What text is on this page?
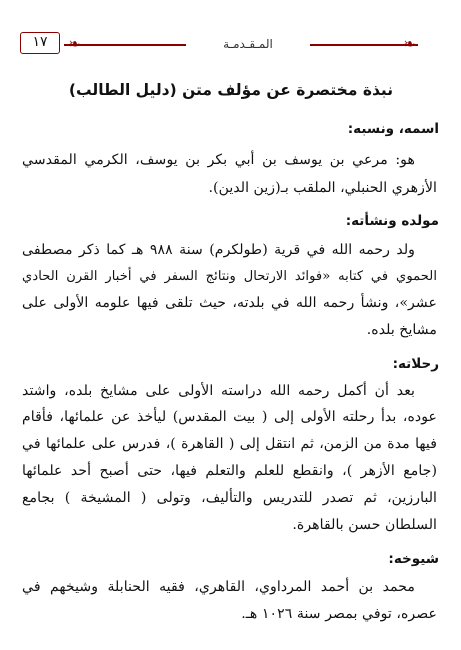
❧	❧
المـقـدمـة
١٧
نبذة مختصرة عن مؤلف متن (دليل الطالب)
اسمه، ونسبه:
هو: مرعي بن يوسف بن أبي بكر بن يوسف، الكرمي المقدسي
الأزهري الحنبلي، الملقب بـ(زين الدين).
مولده ونشأته:
ولد رحمه الله في قرية (طولكرم) سنة ٩٨٨ هـ كما ذكر مصطفى
الحموي في كتابه «فوائد الارتحال ونتائج السفر في أخبار القرن الحادي
عشر»، ونشأ رحمه الله في بلدته، حيث تلقى فيها علومه الأولى على
مشايخ بلده.
رحلاته:
بعد أن أكمل رحمه الله دراسته الأولى على مشايخ بلده، واشتد
عوده، بدأ رحلته الأولى إلى ( بيت المقدس) ليأخذ عن علمائها، فأقام
فيها مدة من الزمن، ثم انتقل إلى ( القاهرة )، فدرس على علمائها في
(جامع الأزهر )، وانقطع للعلم والتعلم فيها، حتى أصبح أحد علمائها
البارزين، ثم تصدر للتدريس والتأليف، وتولى ( المشيخة ) بجامع
السلطان حسن بالقاهرة.
شيوخه:
محمد بن أحمد المرداوي، القاهري، فقيه الحنابلة وشيخهم في
عصره، توفي بمصر سنة ١٠٢٦ هـ.
